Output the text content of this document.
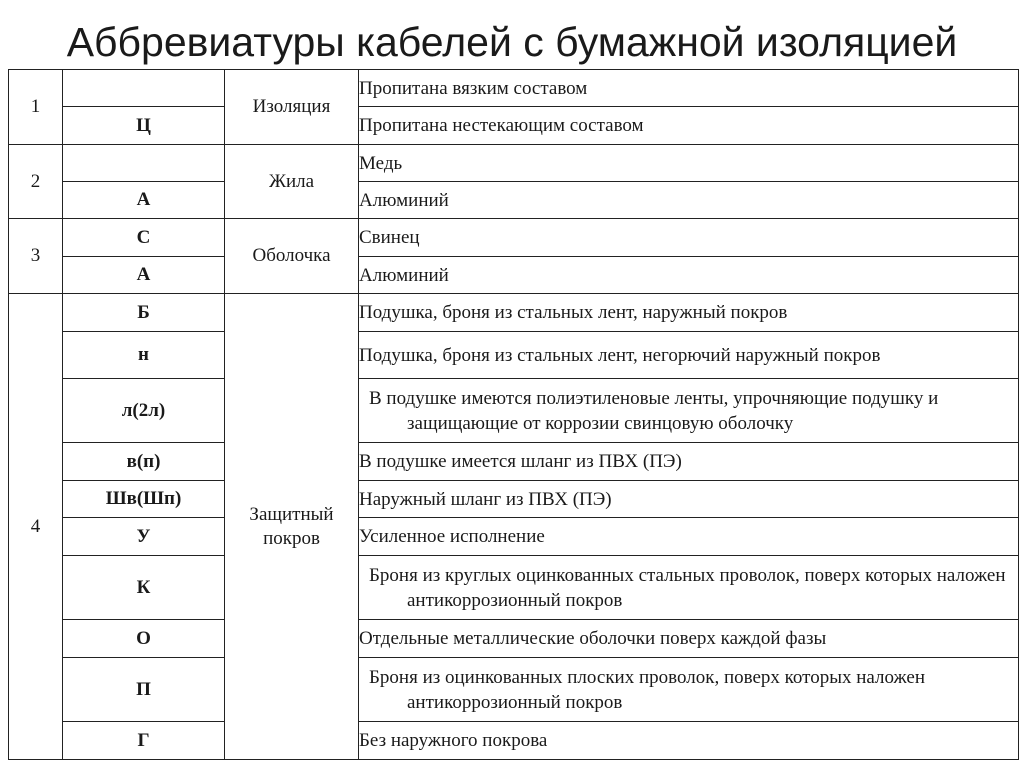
Аббревиатуры кабелей с бумажной изоляцией
1		Изоляция	Пропитана вязким составом
	Ц		Пропитана нестекающим составом
2		Жила	Медь
	А		Алюминий
3	С	Оболочка	Свинец
	А		Алюминий
4	Б	Защитный покров	Подушка, броня из стальных лент, наружный покров
	н		Подушка, броня из стальных лент, негорючий наружный покров
	л(2л)		В подушке имеются полиэтиленовые ленты, упрочняющие подушку и защищающие от коррозии свинцовую оболочку
	в(п)		В подушке имеется шланг из ПВХ (ПЭ)
	Шв(Шп)		Наружный шланг из ПВХ (ПЭ)
	У		Усиленное исполнение
	К		Броня из круглых оцинкованных стальных проволок, поверх которых наложен антикоррозионный покров
	О		Отдельные металлические оболочки поверх каждой фазы
	П		Броня из оцинкованных плоских проволок, поверх которых наложен антикоррозионный покров
	Г		Без наружного покрова
